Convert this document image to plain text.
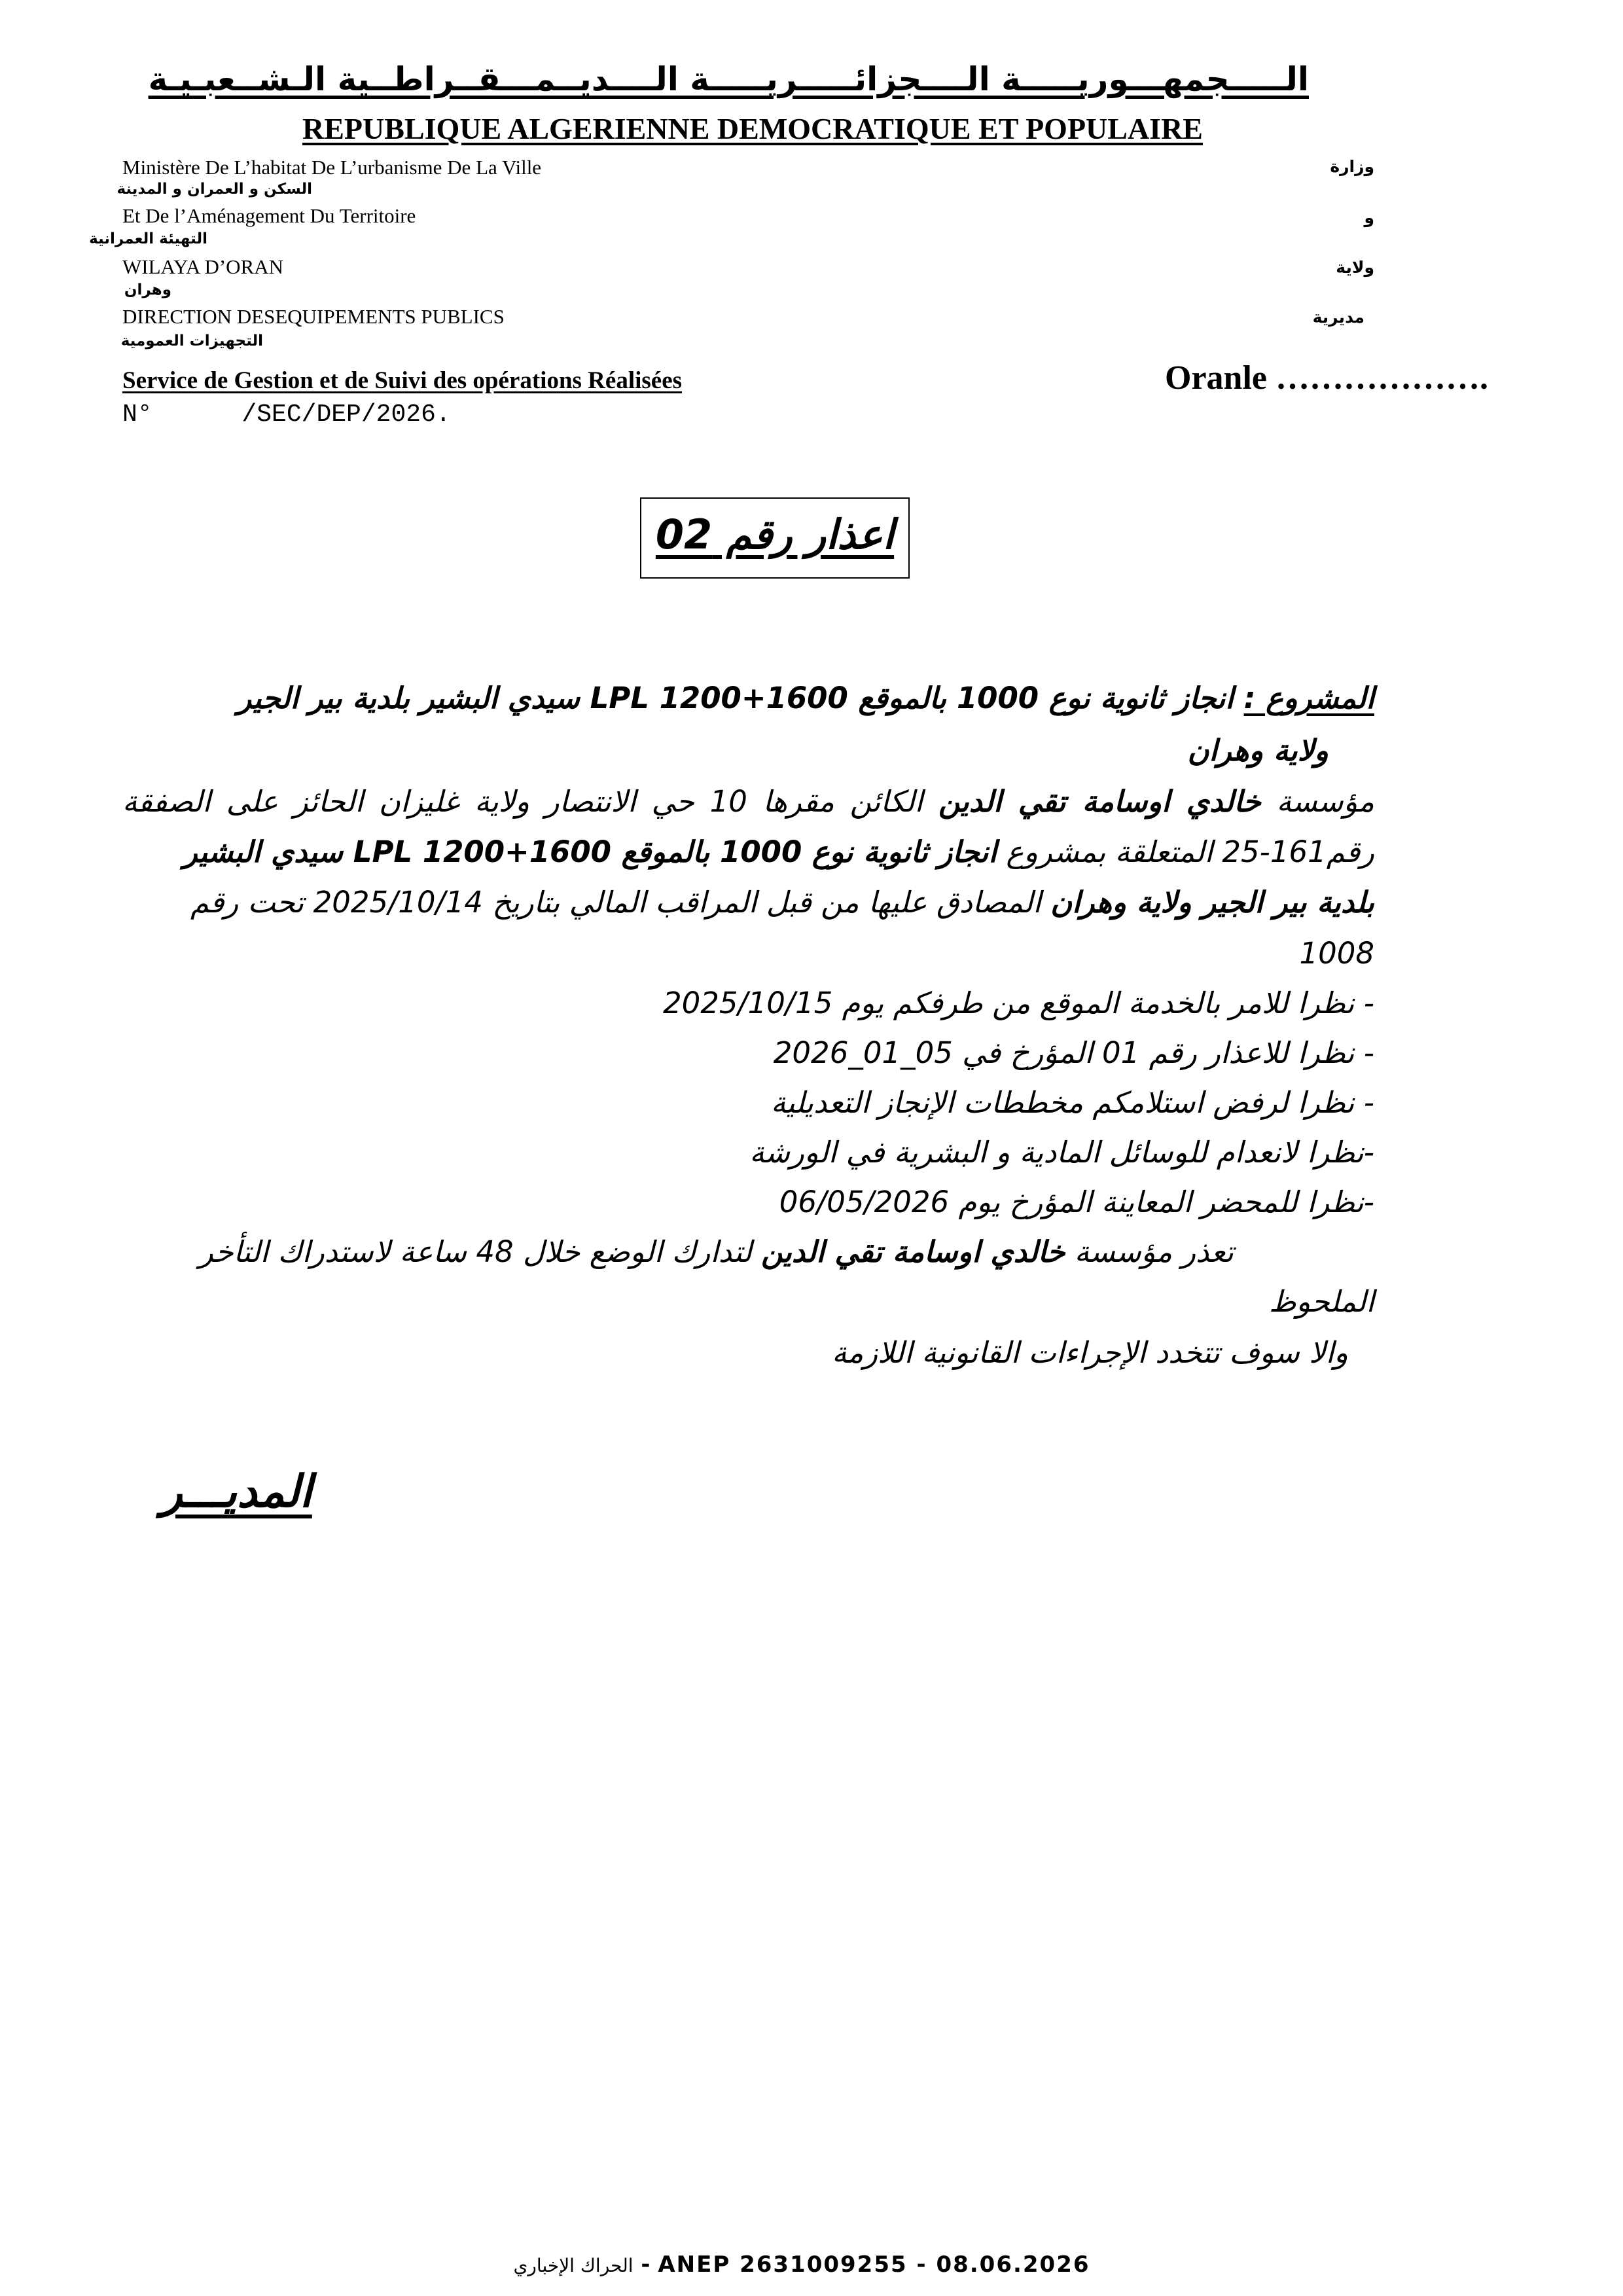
الـــــجمهـــوريـــــة الــــجزائـــــريـــــة الــــديــمـــقــراطــية الـشــعبـيـة
REPUBLIQUE ALGERIENNE DEMOCRATIQUE ET POPULAIRE
Ministère De L’habitat De L’urbanisme De La Ville
السكن و العمران و المدينة
وزارة
Et De l’Aménagement Du Territoire
التهيئة العمرانية
و
WILAYA D’ORAN
وهران
ولاية
DIRECTION DESEQUIPEMENTS PUBLICS
التجهيزات العمومية
مديرية
Service de Gestion et de Suivi des opérations Réalisées	Oranle ……………….
N°      /SEC/DEP/2026.
اعذار رقم 02
المشروع : انجاز ثانوية نوع 1000 بالموقع 1600+1200 LPL سيدي البشير بلدية بير الجير
ولاية وهران
مؤسسة خالدي اوسامة تقي الدين الكائن مقرها 10 حي الانتصار ولاية غليزان الحائز على الصفقة
رقم161-25 المتعلقة بمشروع انجاز ثانوية نوع 1000 بالموقع 1600+1200 LPL سيدي البشير
بلدية بير الجير ولاية وهران المصادق عليها من قبل المراقب المالي بتاريخ 2025/10/14 تحت رقم
1008
- نظرا للامر بالخدمة الموقع من طرفكم يوم 2025/10/15
- نظرا للاعذار رقم 01 المؤرخ في 05_01_2026
- نظرا لرفض استلامكم مخططات الإنجاز التعديلية
-نظرا لانعدام للوسائل المادية و البشرية في الورشة
-نظرا للمحضر المعاينة المؤرخ يوم 06/05/2026
تعذر مؤسسة خالدي اوسامة تقي الدين لتدارك الوضع خلال 48 ساعة لاستدراك التأخر
الملحوظ
والا سوف تتخدد الإجراءات القانونية اللازمة
المديـــر
الحراك الإخباري - ANEP 2631009255 - 08.06.2026
